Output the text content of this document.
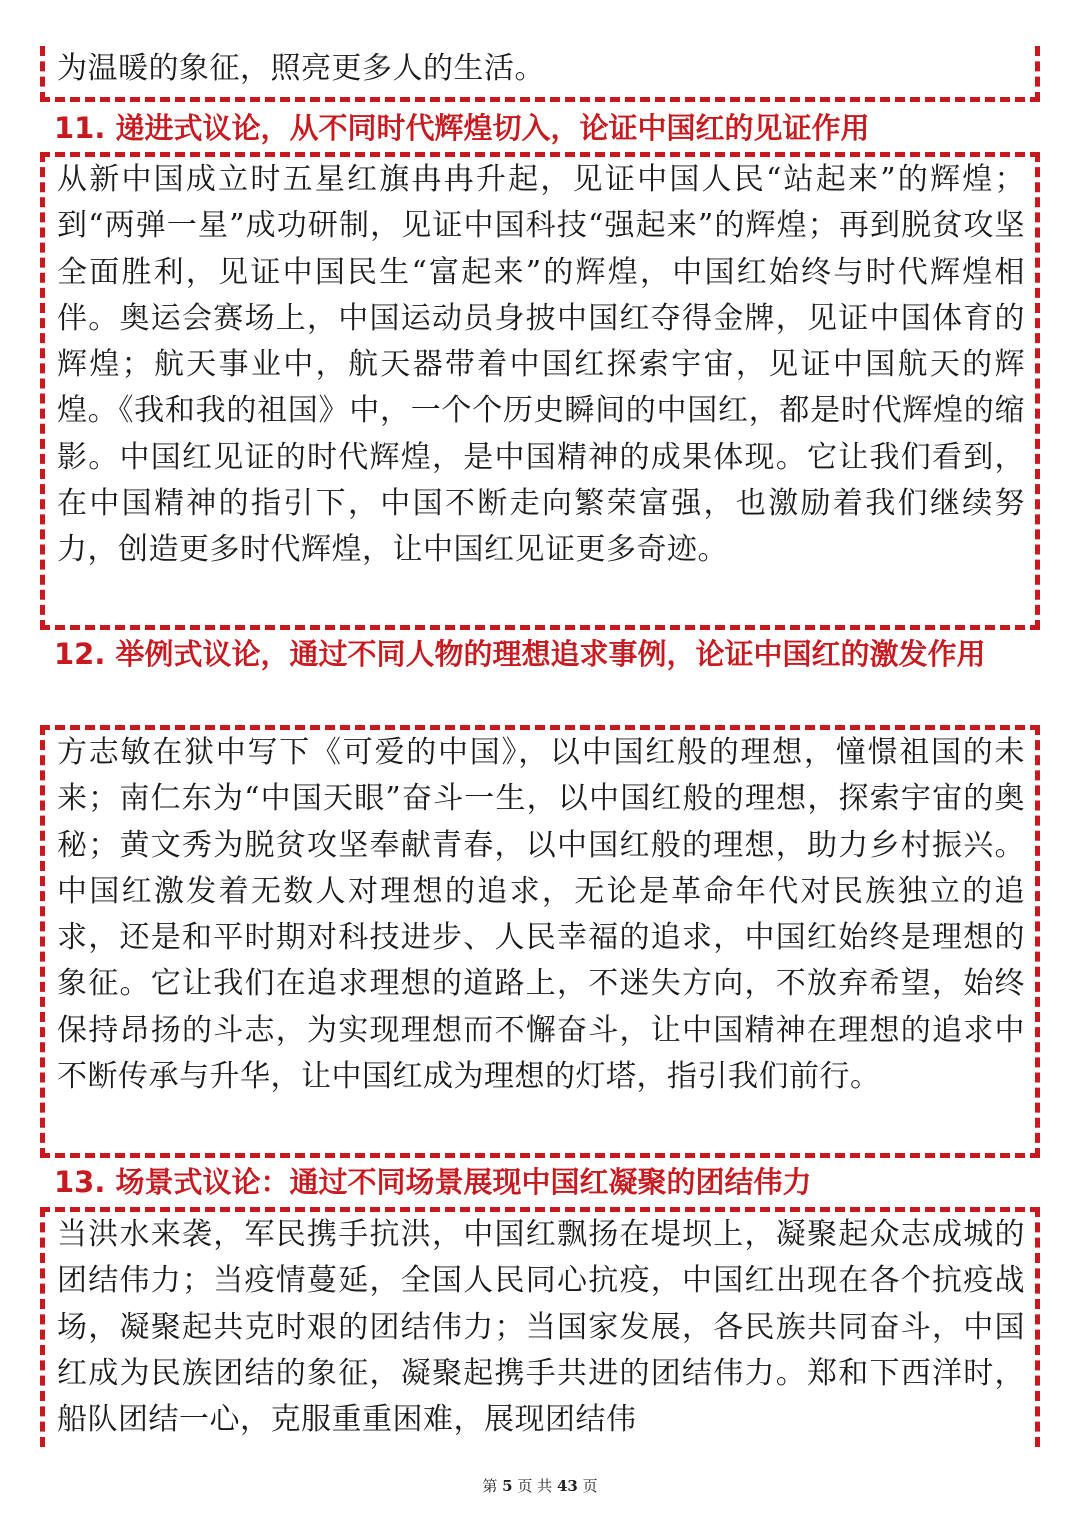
为温暖的象征，照亮更多人的生活。

11. 递进式议论，从不同时代辉煌切入，论证中国红的见证作用

从新中国成立时五星红旗冉冉升起，见证中国人民“站起来”的辉煌；到“两弹一星”成功研制，见证中国科技“强起来”的辉煌；再到脱贫攻坚全面胜利，见证中国民生“富起来”的辉煌，中国红始终与时代辉煌相伴。奥运会赛场上，中国运动员身披中国红夺得金牌，见证中国体育的辉煌；航天事业中，航天器带着中国红探索宇宙，见证中国航天的辉煌。《我和我的祖国》中，一个个历史瞬间的中国红，都是时代辉煌的缩影。中国红见证的时代辉煌，是中国精神的成果体现。它让我们看到，在中国精神的指引下，中国不断走向繁荣富强，也激励着我们继续努力，创造更多时代辉煌，让中国红见证更多奇迹。

12. 举例式议论，通过不同人物的理想追求事例，论证中国红的激发作用

方志敏在狱中写下《可爱的中国》，以中国红般的理想，憧憬祖国的未来；南仁东为“中国天眼”奋斗一生，以中国红般的理想，探索宇宙的奥秘；黄文秀为脱贫攻坚奉献青春，以中国红般的理想，助力乡村振兴。中国红激发着无数人对理想的追求，无论是革命年代对民族独立的追求，还是和平时期对科技进步、人民幸福的追求，中国红始终是理想的象征。它让我们在追求理想的道路上，不迷失方向，不放弃希望，始终保持昂扬的斗志，为实现理想而不懈奋斗，让中国精神在理想的追求中不断传承与升华，让中国红成为理想的灯塔，指引我们前行。

13. 场景式议论：通过不同场景展现中国红凝聚的团结伟力

当洪水来袭，军民携手抗洪，中国红飘扬在堤坝上，凝聚起众志成城的团结伟力；当疫情蔓延，全国人民同心抗疫，中国红出现在各个抗疫战场，凝聚起共克时艰的团结伟力；当国家发展，各民族共同奋斗，中国红成为民族团结的象征，凝聚起携手共进的团结伟力。郑和下西洋时，船队团结一心，克服重重困难，展现团结伟

第 5 页 共 43 页
